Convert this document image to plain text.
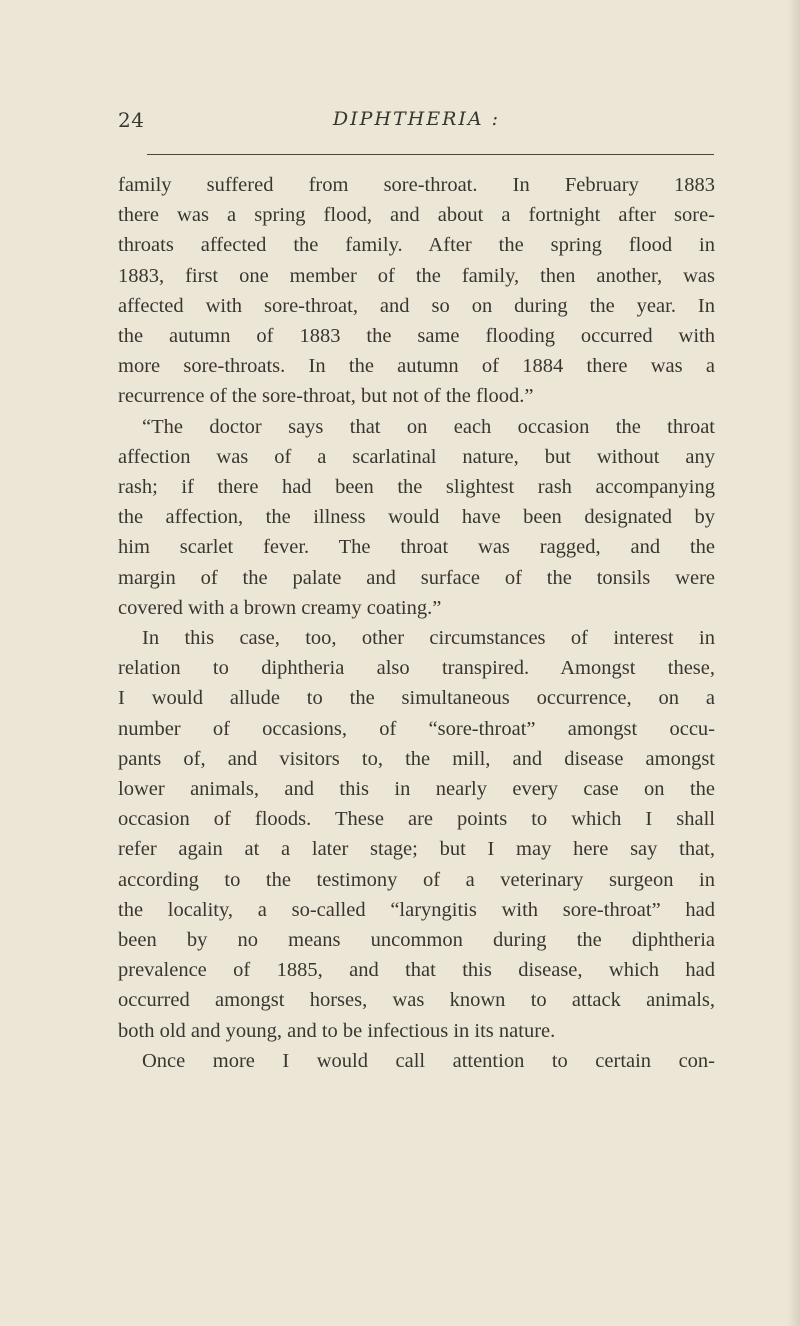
24	DIPHTHERIA :
family suffered from sore-throat. In February 1883
there was a spring flood, and about a fortnight after sore-
throats affected the family. After the spring flood in
1883, first one member of the family, then another, was
affected with sore-throat, and so on during the year. In
the autumn of 1883 the same flooding occurred with
more sore-throats. In the autumn of 1884 there was a
recurrence of the sore-throat, but not of the flood.”
“The doctor says that on each occasion the throat
affection was of a scarlatinal nature, but without any
rash; if there had been the slightest rash accompanying
the affection, the illness would have been designated by
him scarlet fever. The throat was ragged, and the
margin of the palate and surface of the tonsils were
covered with a brown creamy coating.”
In this case, too, other circumstances of interest in
relation to diphtheria also transpired. Amongst these,
I would allude to the simultaneous occurrence, on a
number of occasions, of “sore-throat” amongst occu-
pants of, and visitors to, the mill, and disease amongst
lower animals, and this in nearly every case on the
occasion of floods. These are points to which I shall
refer again at a later stage; but I may here say that,
according to the testimony of a veterinary surgeon in
the locality, a so-called “laryngitis with sore-throat” had
been by no means uncommon during the diphtheria
prevalence of 1885, and that this disease, which had
occurred amongst horses, was known to attack animals,
both old and young, and to be infectious in its nature.
Once more I would call attention to certain con-
